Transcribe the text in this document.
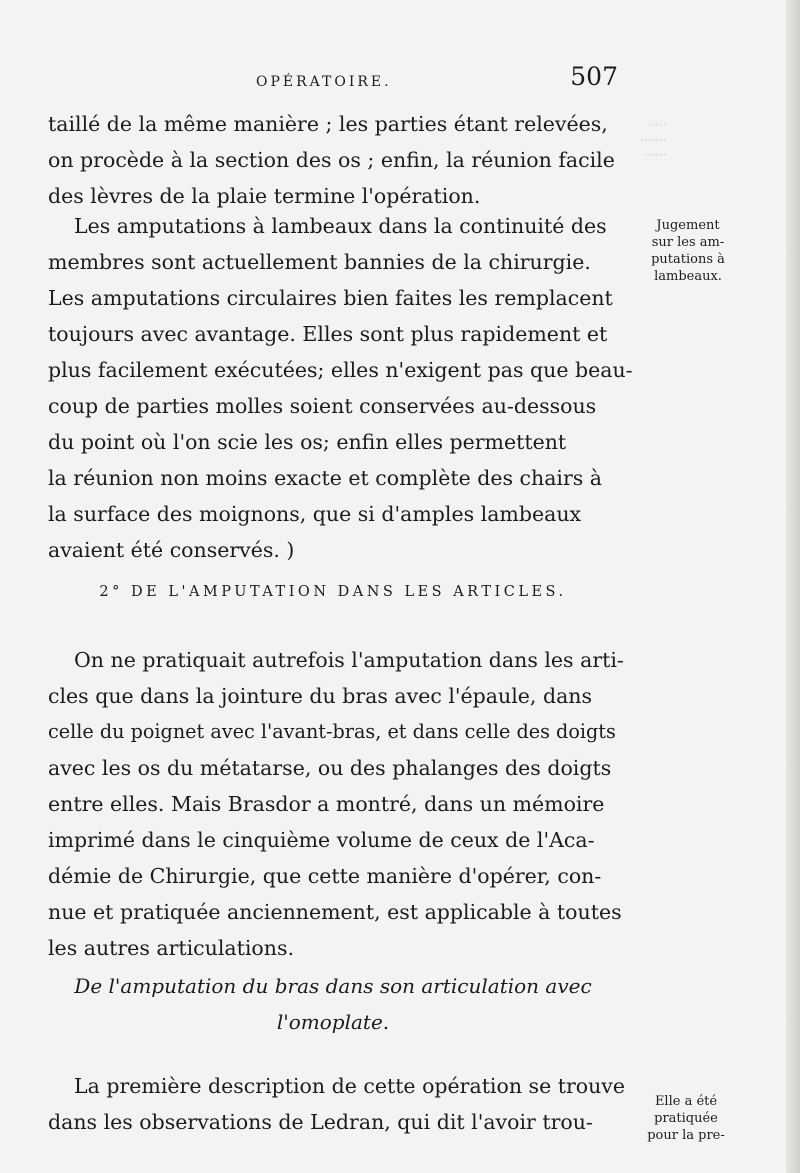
·····
·······
······
OPÉRATOIRE.	507
taillé de la même manière ; les parties étant relevées,
on procède à la section des os ; enfin, la réunion facile
des lèvres de la plaie termine l'opération.
Les amputations à lambeaux dans la continuité des
membres sont actuellement bannies de la chirurgie.
Les amputations circulaires bien faites les remplacent
toujours avec avantage. Elles sont plus rapidement et
plus facilement exécutées; elles n'exigent pas que beau-
coup de parties molles soient conservées au-dessous
du point où l'on scie les os; enfin elles permettent
la réunion non moins exacte et complète des chairs à
la surface des moignons, que si d'amples lambeaux
avaient été conservés. )
Jugement
sur les am-
putations à
lambeaux.
2° DE L'AMPUTATION DANS LES ARTICLES.
On ne pratiquait autrefois l'amputation dans les arti-
cles que dans la jointure du bras avec l'épaule, dans
celle du poignet avec l'avant-bras, et dans celle des doigts
avec les os du métatarse, ou des phalanges des doigts
entre elles. Mais Brasdor a montré, dans un mémoire
imprimé dans le cinquième volume de ceux de l'Aca-
démie de Chirurgie, que cette manière d'opérer, con-
nue et pratiquée anciennement, est applicable à toutes
les autres articulations.
De l'amputation du bras dans son articulation avec
l'omoplate.
La première description de cette opération se trouve
dans les observations de Ledran, qui dit l'avoir trou-
Elle a été
pratiquée
pour la pre-
